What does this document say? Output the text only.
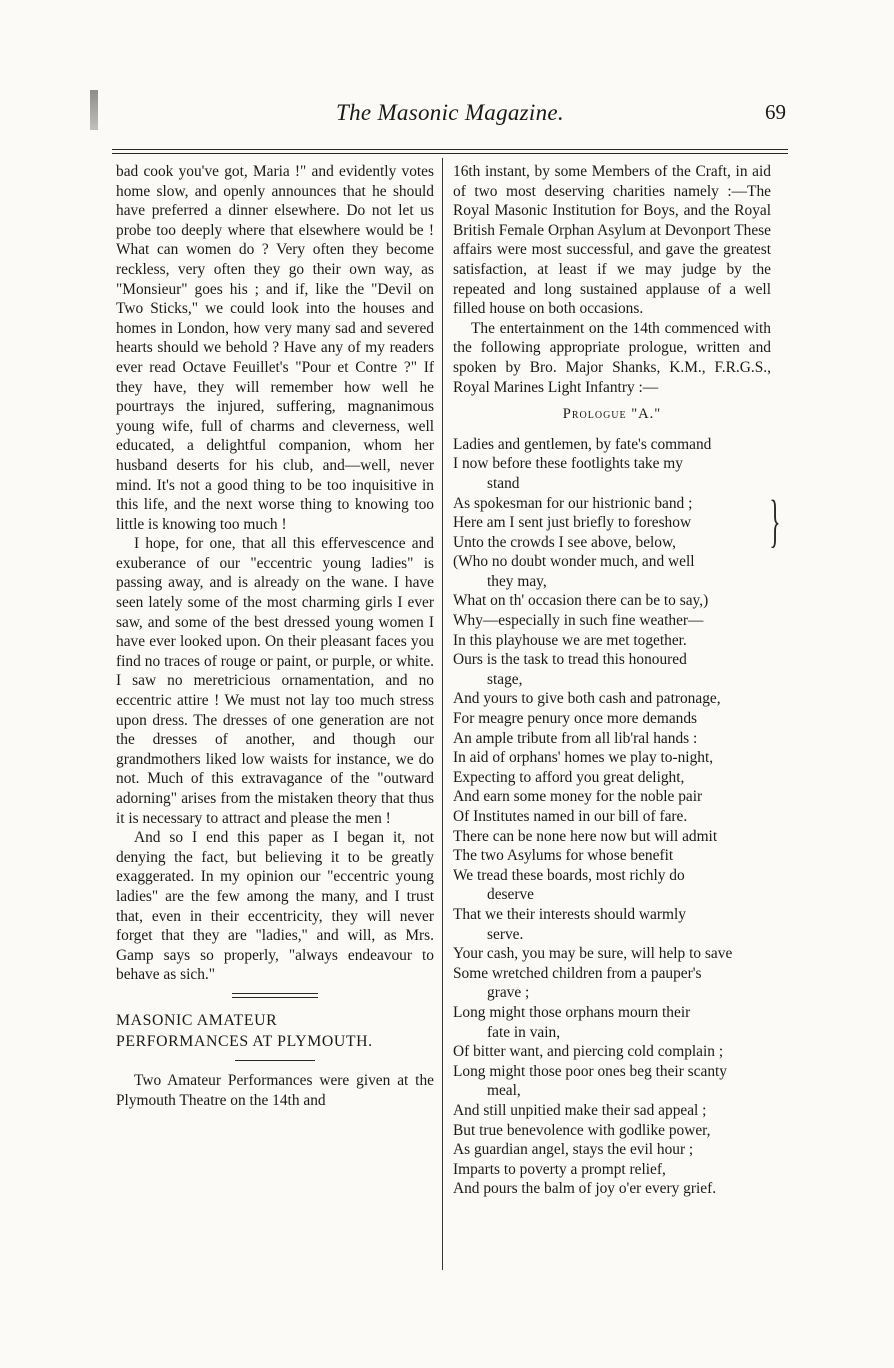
The Masonic Magazine.	69

bad cook you've got, Maria !" and evidently votes home slow, and openly announces that he should have preferred a dinner elsewhere. Do not let us probe too deeply where that elsewhere would be ! What can women do ? Very often they become reckless, very often they go their own way, as "Monsieur" goes his ; and if, like the "Devil on Two Sticks," we could look into the houses and homes in London, how very many sad and severed hearts should we behold ? Have any of my readers ever read Octave Feuillet's "Pour et Contre ?" If they have, they will remember how well he pourtrays the injured, suffering, magnanimous young wife, full of charms and cleverness, well educated, a delightful companion, whom her husband deserts for his club, and—well, never mind. It's not a good thing to be too inquisitive in this life, and the next worse thing to knowing too little is knowing too much !

I hope, for one, that all this effervescence and exuberance of our "eccentric young ladies" is passing away, and is already on the wane. I have seen lately some of the most charming girls I ever saw, and some of the best dressed young women I have ever looked upon. On their pleasant faces you find no traces of rouge or paint, or purple, or white. I saw no meretricious ornamentation, and no eccentric attire ! We must not lay too much stress upon dress. The dresses of one generation are not the dresses of another, and though our grandmothers liked low waists for instance, we do not. Much of this extravagance of the "outward adorning" arises from the mistaken theory that thus it is necessary to attract and please the men !

And so I end this paper as I began it, not denying the fact, but believing it to be greatly exaggerated. In my opinion our "eccentric young ladies" are the few among the many, and I trust that, even in their eccentricity, they will never forget that they are "ladies," and will, as Mrs. Gamp says so properly, "always endeavour to behave as sich."

MASONIC AMATEUR
PERFORMANCES AT PLYMOUTH.

Two Amateur Performances were given at the Plymouth Theatre on the 14th and

16th instant, by some Members of the Craft, in aid of two most deserving charities namely :—The Royal Masonic Institution for Boys, and the Royal British Female Orphan Asylum at Devonport These affairs were most successful, and gave the greatest satisfaction, at least if we may judge by the repeated and long sustained applause of a well filled house on both occasions.

The entertainment on the 14th commenced with the following appropriate prologue, written and spoken by Bro. Major Shanks, K.M., F.R.G.S., Royal Marines Light Infantry :—

Prologue "A."
Ladies and gentlemen, by fate's command
I now before these footlights take my
stand
As spokesman for our histrionic band ;
Here am I sent just briefly to foreshow
Unto the crowds I see above, below,
(Who no doubt wonder much, and well
they may,
What on th' occasion there can be to say,)
Why—especially in such fine weather—
In this playhouse we are met together.
Ours is the task to tread this honoured
stage,
And yours to give both cash and patronage,
For meagre penury once more demands
An ample tribute from all lib'ral hands :
In aid of orphans' homes we play to-night,
Expecting to afford you great delight,
And earn some money for the noble pair
Of Institutes named in our bill of fare.
There can be none here now but will admit
The two Asylums for whose benefit
We tread these boards, most richly do
deserve
That we their interests should warmly
serve.
Your cash, you may be sure, will help to save
Some wretched children from a pauper's
grave ;
Long might those orphans mourn their
fate in vain,
Of bitter want, and piercing cold complain ;
Long might those poor ones beg their scanty
meal,
And still unpitied make their sad appeal ;
But true benevolence with godlike power,
As guardian angel, stays the evil hour ;
Imparts to poverty a prompt relief,
And pours the balm of joy o'er every grief.
}
